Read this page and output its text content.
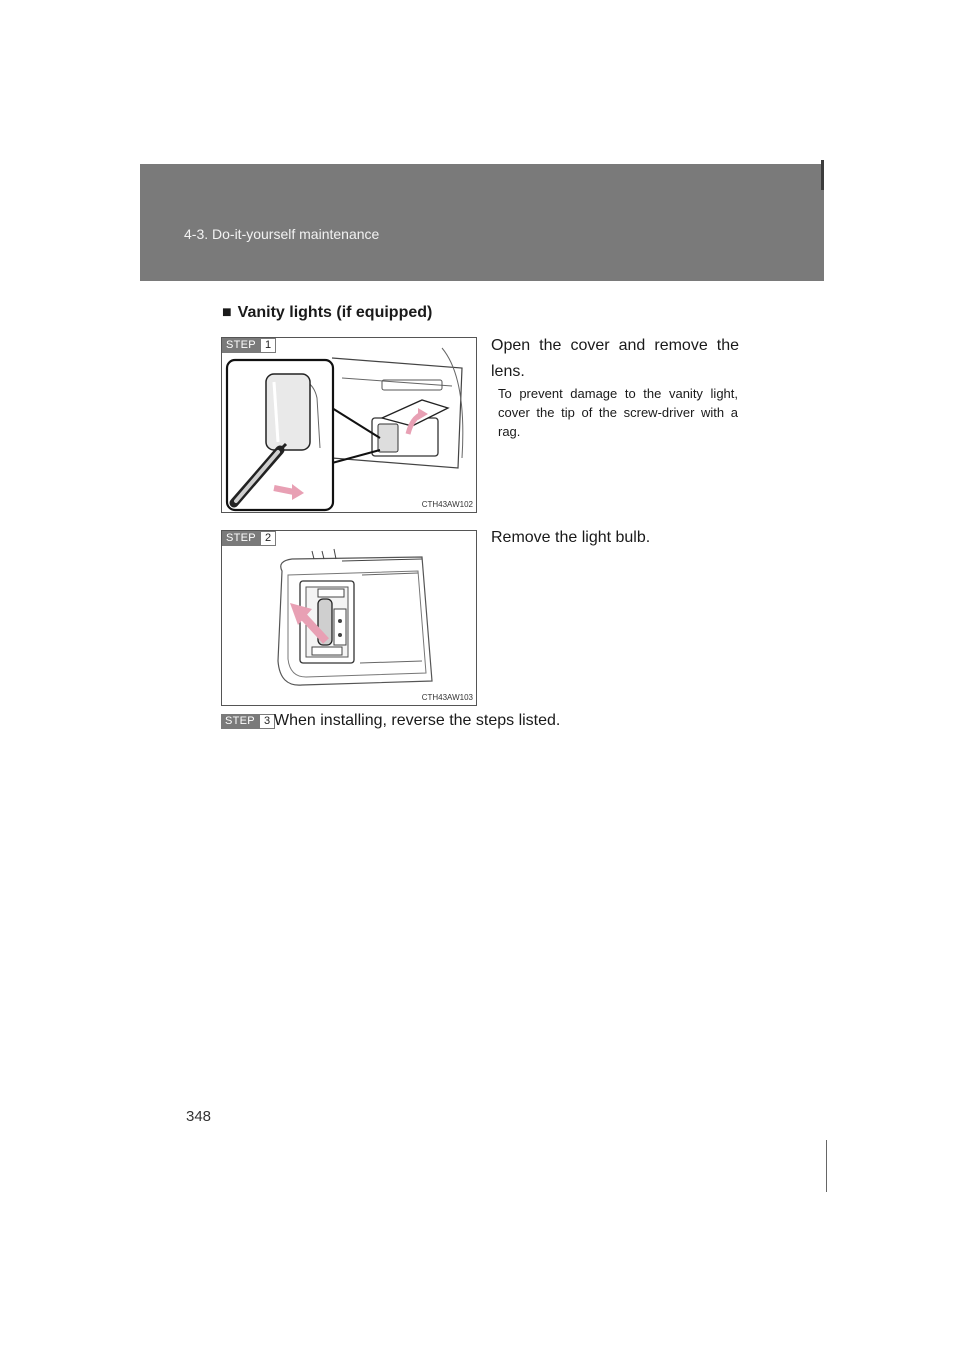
4-3. Do-it-yourself maintenance
■ Vanity lights (if equipped)
STEP 1
CTH43AW102
Open the cover and remove the lens.
To prevent damage to the vanity light, cover the tip of the screw-driver with a rag.
STEP 2
CTH43AW103
Remove the light bulb.
STEP 3 When installing, reverse the steps listed.
348
